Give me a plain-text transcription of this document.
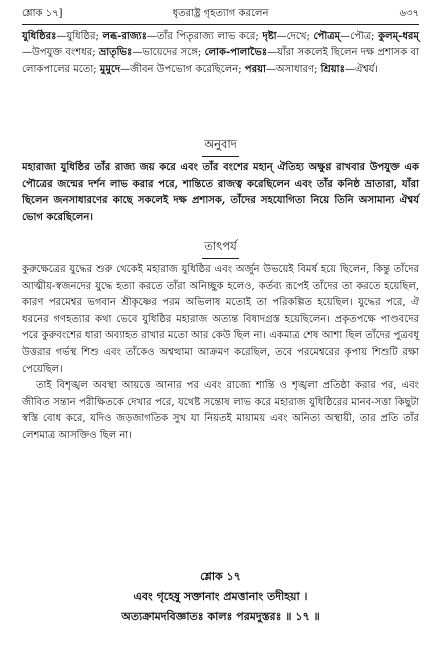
শ্লোক ১৭]	ধৃতরাষ্ট্র গৃহত্যাগ করলেন	৬৩৭
যুধিষ্ঠিরঃ—যুধিষ্ঠির; লব্ধ-রাজ্যঃ—তাঁর পিতৃরাজ্য লাভ করে; দৃষ্টা—দেখে; পৌত্রম্—পৌত্র; কুলম্-ধরম্—উপযুক্ত বংশধর; ভ্রাতৃভিঃ—ভায়েদের সঙ্গে; লোক-পালাভৈঃ—যাঁরা সকলেই ছিলেন দক্ষ প্রশাসক বা লোকপালের মতো; মুমুদে—জীবন উপভোগ করেছিলেন; পরয়া—অসাধারণ; শ্রিয়াঃ—ঐশ্বর্য।
অনুবাদ
মহারাজা যুধিষ্ঠির তাঁর রাজ্য জয় করে এবং তাঁর বংশের মহান্ ঐতিহ্য অক্ষুণ্ণ রাখবার উপযুক্ত এক পৌত্রের জন্মের দর্শন লাভ করার পরে, শান্তিতে রাজত্ব করেছিলেন এবং তাঁর কনিষ্ঠ ভ্রাতারা, যাঁরা ছিলেন জনসাধারণের কাছে সকলেই দক্ষ প্রশাসক, তাঁদের সহযোগিতা নিয়ে তিনি অসামান্য ঐশ্বর্য ভোগ করেছিলেন।
তাৎপর্য

কুরুক্ষেত্রের যুদ্ধের শুরু থেকেই মহারাজ যুধিষ্ঠির এবং অর্জুন উভয়েই বিমর্ষ হয়ে ছিলেন, কিন্তু তাঁদের আত্মীয়-স্বজনদের যুদ্ধে হত্যা করতে তাঁরা অনিচ্ছুক হলেও, কর্তব্য রূপেই তাঁদের তা করতে হয়েছিল, কারণ পরমেশ্বর ভগবান শ্রীকৃষ্ণের পরম অভিলাষ মতোই তা পরিকল্পিত হয়েছিল। যুদ্ধের পরে, ঐ ধরনের গণহত্যার কথা ভেবে যুধিষ্ঠির মহারাজ অত্যন্ত বিষাদগ্রস্ত হয়েছিলেন। প্রকৃতপক্ষে পাণ্ডবদের পরে কুরুবংশের ধারা অব্যাহত রাখার মতো আর কেউ ছিল না। একমাত্র শেষ আশা ছিল তাঁদের পুত্রবধূ উত্তরার গর্ভস্থ শিশু এবং তাঁকেও অশ্বত্থামা আক্রমণ করেছিল, তবে পরমেশ্বরের কৃপায় শিশুটি রক্ষা পেয়েছিল।

তাই বিশৃঙ্খল অবস্থা আয়ত্তে আনার পর এবং রাজ্যে শান্তি ও শৃঙ্খলা প্রতিষ্ঠা করার পর, এবং জীবিত সন্তান পরীক্ষিতকে দেখার পরে, যথেষ্ট সন্তোষ লাভ করে মহারাজ যুধিষ্ঠিরের মানব-সত্তা কিছুটা স্বস্তি বোধ করে, যদিও জড়জাগতিক সুখ যা নিয়তই মায়াময় এবং অনিত্য অস্থায়ী, তার প্রতি তাঁর লেশমাত্র আসক্তিও ছিল না।

শ্লোক ১৭
এবং গৃহেষু সক্তানাং প্রমত্তানাং তদীহয়া ।
অত্যক্রামদবিজ্ঞাতঃ কালঃ পরমদুস্তরঃ ॥ ১৭ ॥
